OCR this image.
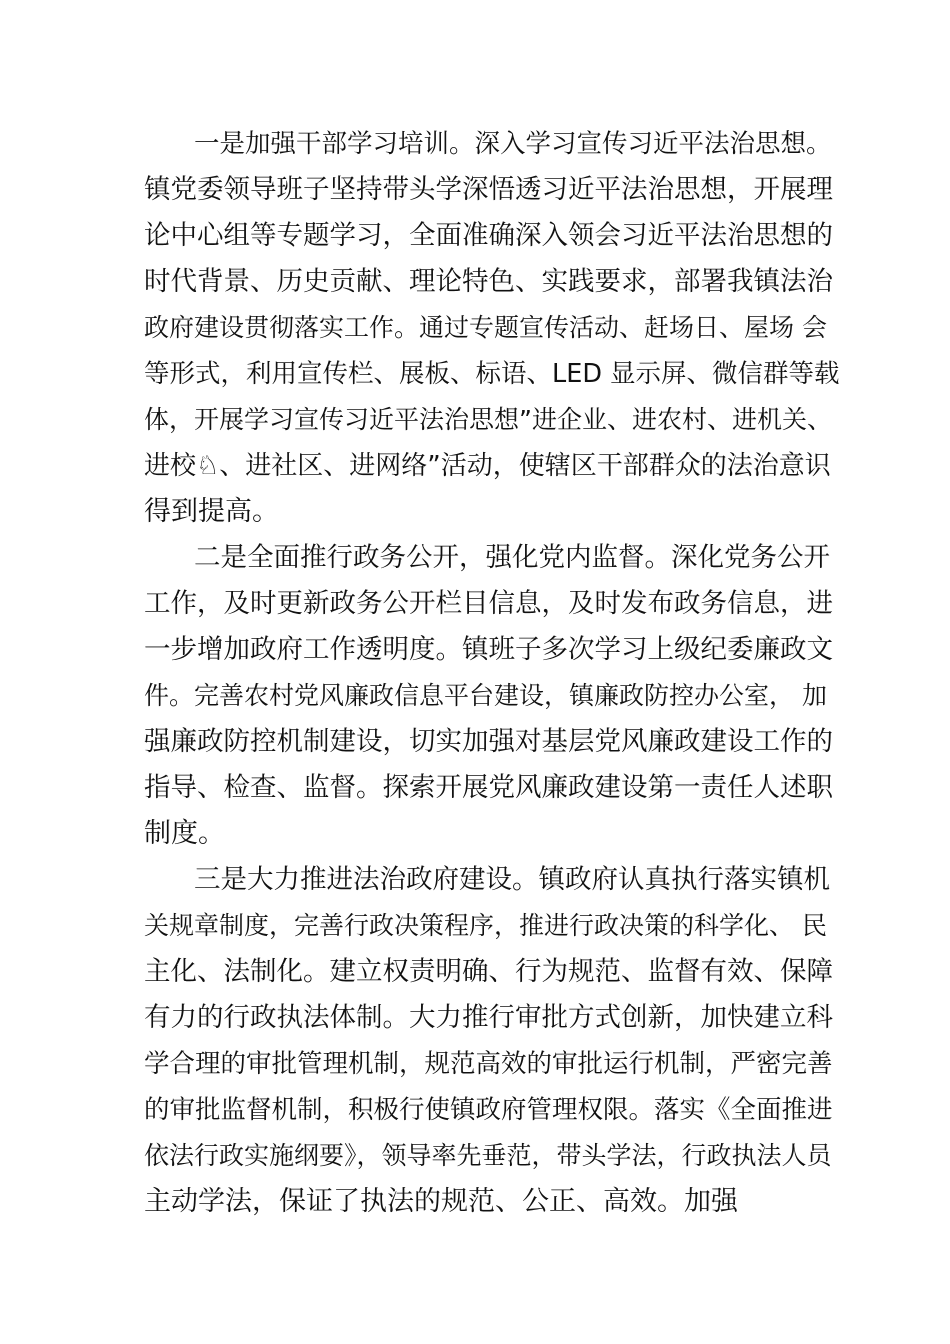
一是加强干部学习培训。深入学习宣传习近平法治思想。
镇党委领导班子坚持带头学深悟透习近平法治思想，开展理
论中心组等专题学习，全面准确深入领会习近平法治思想的
时代背景、历史贡献、理论特色、实践要求，部署我镇法治
政府建设贯彻落实工作。通过专题宣传活动、赶场日、屋场 会
等形式，利用宣传栏、展板、标语、LED 显示屏、微信群等载
体，开展学习宣传习近平法治思想”进企业、进农村、进机关、
进校♘、进社区、进网络”活动，使辖区干部群众的法治意识
得到提高。
二是全面推行政务公开，强化党内监督。深化党务公开
工作，及时更新政务公开栏目信息，及时发布政务信息，进
一步增加政府工作透明度。镇班子多次学习上级纪委廉政文
件。完善农村党风廉政信息平台建设，镇廉政防控办公室， 加
强廉政防控机制建设，切实加强对基层党风廉政建设工作的
指导、检查、监督。探索开展党风廉政建设第一责任人述职
制度。
三是大力推进法治政府建设。镇政府认真执行落实镇机
关规章制度，完善行政决策程序，推进行政决策的科学化、 民
主化、法制化。建立权责明确、行为规范、监督有效、保障
有力的行政执法体制。大力推行审批方式创新，加快建立科
学合理的审批管理机制，规范高效的审批运行机制，严密完善
的审批监督机制，积极行使镇政府管理权限。落实《全面推进
依法行政实施纲要》，领导率先垂范，带头学法，行政执法人员
主动学法，保证了执法的规范、公正、高效。加强
